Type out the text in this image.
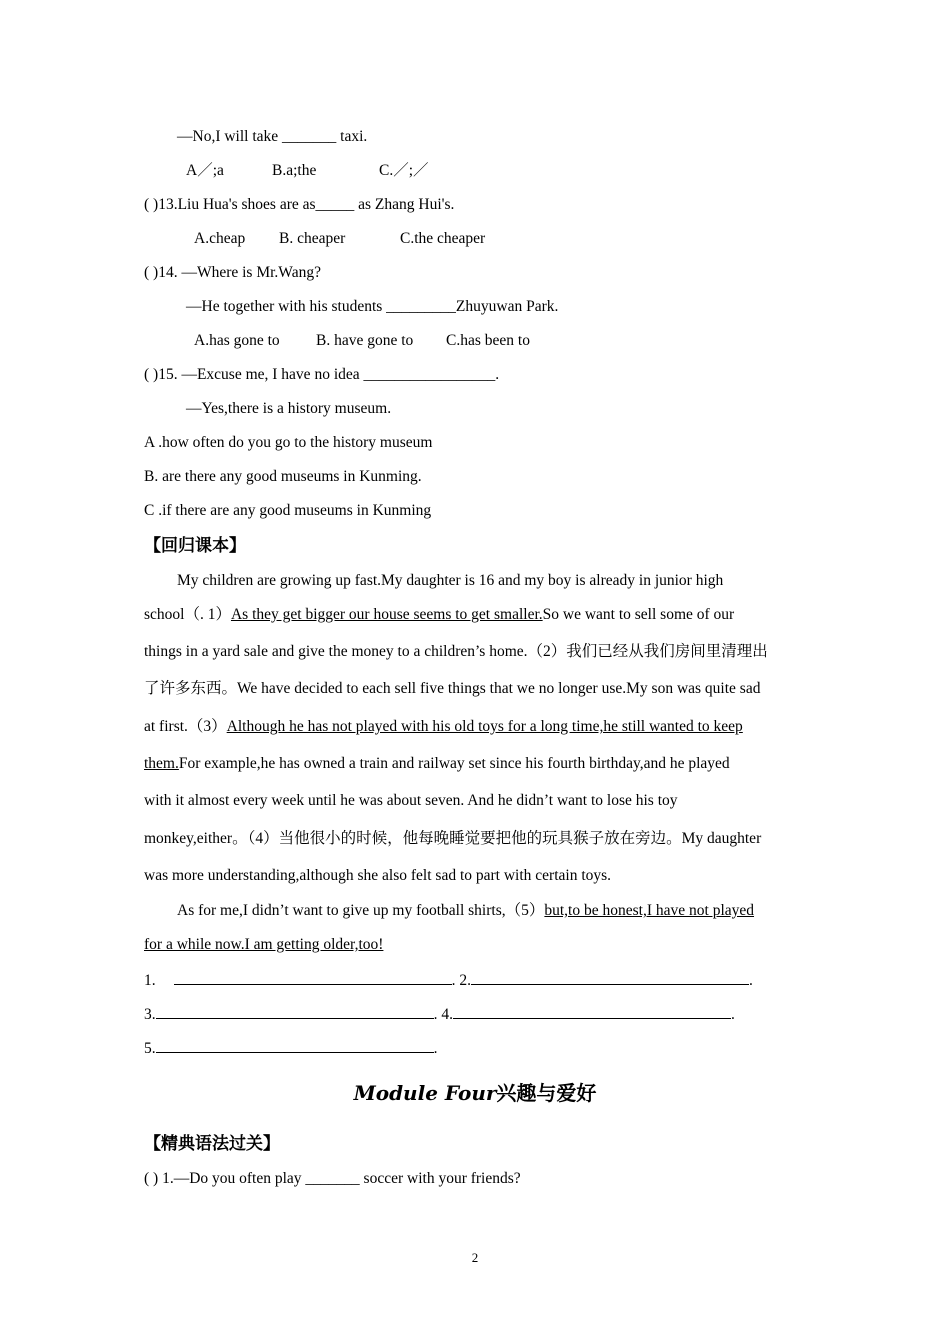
—No,I will take _______ taxi.
A／;a	B.a;the	C.／;／
( )13.Liu Hua's shoes are as_____ as Zhang Hui's.
A.cheap B. cheaper	C.the cheaper
( )14. —Where is Mr.Wang?
—He together with his students _________Zhuyuwan Park.
A.has gone to B. have gone to C.has been to
( )15. —Excuse me, I have no idea _________________.
—Yes,there is a history museum.
A .how often do you go to the history museum
B. are there any good museums in Kunming.
C .if there are any good museums in Kunming
【回归课本】
My children are growing up fast.My daughter is 16 and my boy is already in junior high
school（. 1）As they get bigger our house seems to get smaller.So we want to sell some of our
things in a yard sale and give the money to a children’s home.（2）我们已经从我们房间里清理出
了许多东西。We have decided to each sell five things that we no longer use.My son was quite sad
at first.（3）Although he has not played with his old toys for a long time,he still wanted to keep
them.For example,he has owned a train and railway set since his fourth birthday,and he played
with it almost every week until he was about seven. And he didn’t want to lose his toy
monkey,either。（4）当他很小的时候，他每晚睡觉要把他的玩具猴子放在旁边。My daughter
was more understanding,although she also felt sad to part with certain toys.
As for me,I didn’t want to give up my football shirts,（5）but,to be honest,I have not played
for a while now.I am getting older,too!
1.	. 2.	.
3.	. 4.	.
5.	.
Module Four兴趣与爱好
【精典语法过关】
( ) 1.—Do you often play _______ soccer with your friends?
2
